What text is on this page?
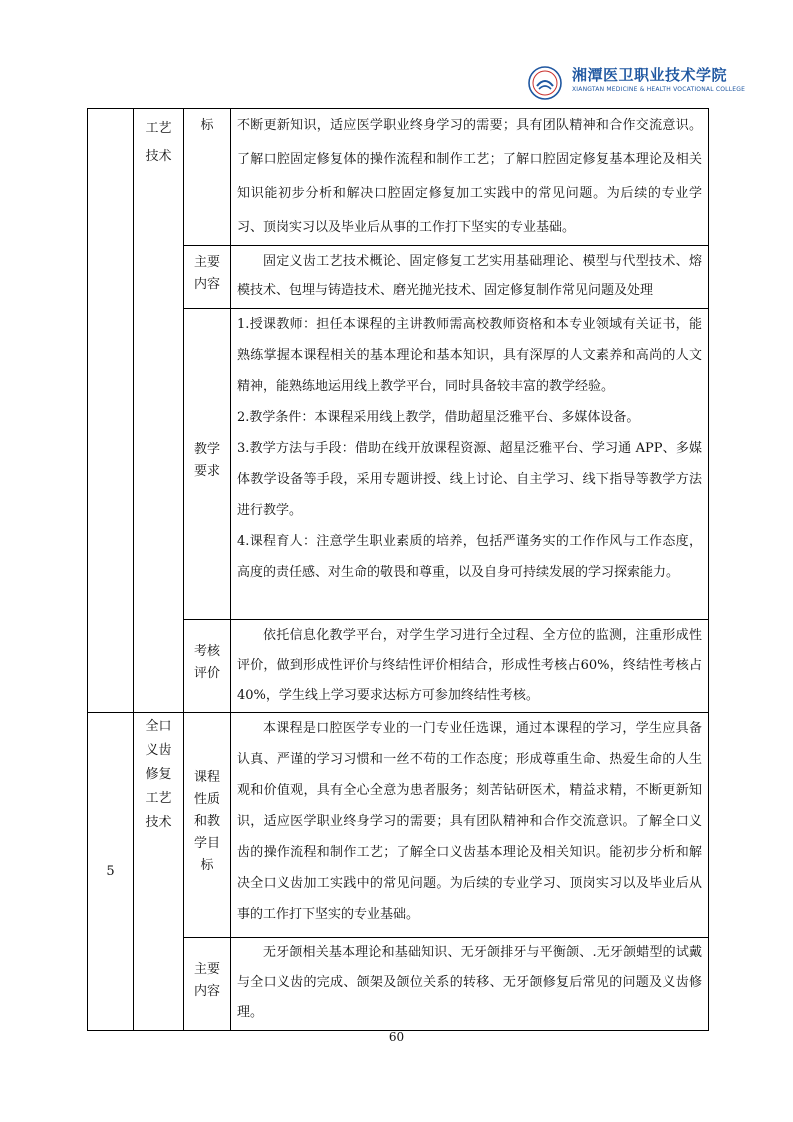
湘潭医卫职业技术学院
XIANGTAN MEDICINE & HEALTH VOCATIONAL COLLEGE

	工艺技术	标	不断更新知识，适应医学职业终身学习的需要；具有团队精神和合作交流意识。了解口腔固定修复体的操作流程和制作工艺；了解口腔固定修复基本理论及相关知识能初步分析和解决口腔固定修复加工实践中的常见问题。为后续的专业学习、顶岗实习以及毕业后从事的工作打下坚实的专业基础。

		主要内容	固定义齿工艺技术概论、固定修复工艺实用基础理论、模型与代型技术、熔模技术、包埋与铸造技术、磨光抛光技术、固定修复制作常见问题及处理

		教学要求	1.授课教师：担任本课程的主讲教师需高校教师资格和本专业领域有关证书，能熟练掌握本课程相关的基本理论和基本知识，具有深厚的人文素养和高尚的人文精神，能熟练地运用线上教学平台，同时具备较丰富的教学经验。

2.教学条件：本课程采用线上教学，借助超星泛雅平台、多媒体设备。

3.教学方法与手段：借助在线开放课程资源、超星泛雅平台、学习通 APP、多媒体教学设备等手段，采用专题讲授、线上讨论、自主学习、线下指导等教学方法进行教学。

4.课程育人：注意学生职业素质的培养，包括严谨务实的工作作风与工作态度，高度的责任感、对生命的敬畏和尊重，以及自身可持续发展的学习探索能力。

		考核评价	依托信息化教学平台，对学生学习进行全过程、全方位的监测，注重形成性评价，做到形成性评价与终结性评价相结合，形成性考核占60%，终结性考核占40%，学生线上学习要求达标方可参加终结性考核。

5	全口义齿修复工艺技术	课程性质和教学目标	本课程是口腔医学专业的一门专业任选课，通过本课程的学习，学生应具备认真、严谨的学习习惯和一丝不苟的工作态度；形成尊重生命、热爱生命的人生观和价值观，具有全心全意为患者服务；刻苦钻研医术，精益求精，不断更新知识，适应医学职业终身学习的需要；具有团队精神和合作交流意识。了解全口义齿的操作流程和制作工艺；了解全口义齿基本理论及相关知识。能初步分析和解决全口义齿加工实践中的常见问题。为后续的专业学习、顶岗实习以及毕业后从事的工作打下坚实的专业基础。

		主要内容	无牙颌相关基本理论和基础知识、无牙颌排牙与平衡颌、.无牙颌蜡型的试戴与全口义齿的完成、颌架及颌位关系的转移、无牙颌修复后常见的问题及义齿修理。

60
